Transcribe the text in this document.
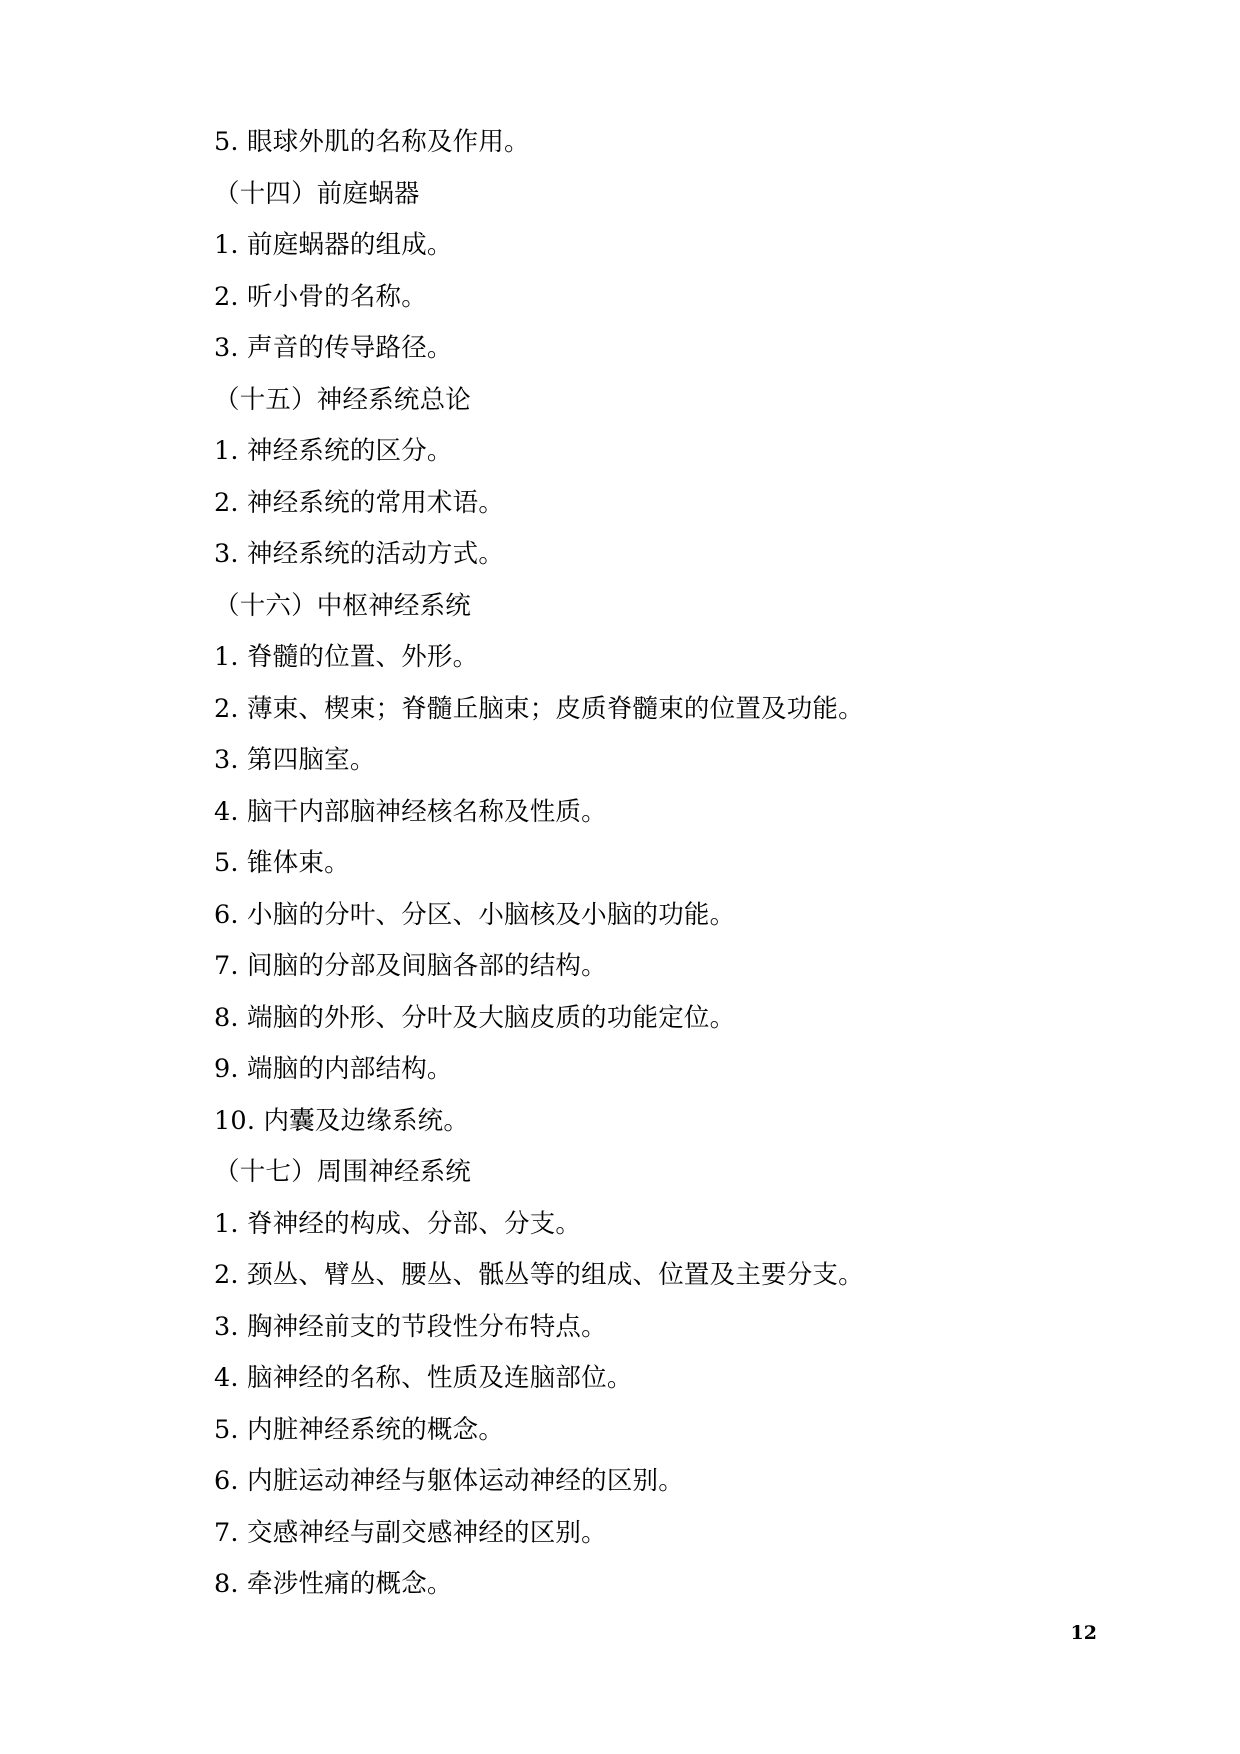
5. 眼球外肌的名称及作用。
（十四）前庭蜗器
1. 前庭蜗器的组成。
2. 听小骨的名称。
3. 声音的传导路径。
（十五）神经系统总论
1. 神经系统的区分。
2. 神经系统的常用术语。
3. 神经系统的活动方式。
（十六）中枢神经系统
1. 脊髓的位置、外形。
2. 薄束、楔束；脊髓丘脑束；皮质脊髓束的位置及功能。
3. 第四脑室。
4. 脑干内部脑神经核名称及性质。
5. 锥体束。
6. 小脑的分叶、分区、小脑核及小脑的功能。
7. 间脑的分部及间脑各部的结构。
8. 端脑的外形、分叶及大脑皮质的功能定位。
9. 端脑的内部结构。
10. 内囊及边缘系统。
（十七）周围神经系统
1. 脊神经的构成、分部、分支。
2. 颈丛、臂丛、腰丛、骶丛等的组成、位置及主要分支。
3. 胸神经前支的节段性分布特点。
4. 脑神经的名称、性质及连脑部位。
5. 内脏神经系统的概念。
6. 内脏运动神经与躯体运动神经的区别。
7. 交感神经与副交感神经的区别。
8. 牵涉性痛的概念。
12
